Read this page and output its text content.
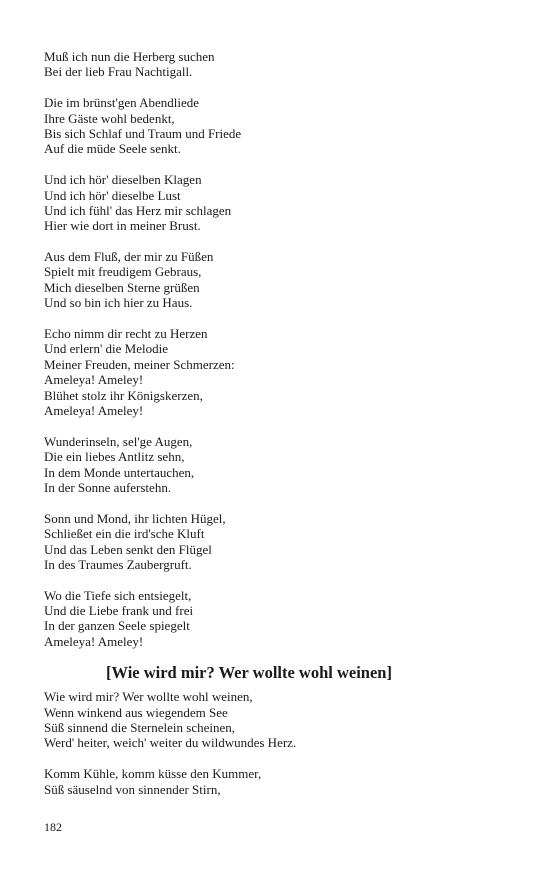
Muß ich nun die Herberg suchen
Bei der lieb Frau Nachtigall.
Die im brünst'gen Abendliede
Ihre Gäste wohl bedenkt,
Bis sich Schlaf und Traum und Friede
Auf die müde Seele senkt.
Und ich hör' dieselben Klagen
Und ich hör' dieselbe Lust
Und ich fühl' das Herz mir schlagen
Hier wie dort in meiner Brust.
Aus dem Fluß, der mir zu Füßen
Spielt mit freudigem Gebraus,
Mich dieselben Sterne grüßen
Und so bin ich hier zu Haus.
Echo nimm dir recht zu Herzen
Und erlern' die Melodie
Meiner Freuden, meiner Schmerzen:
Ameleya! Ameley!
Blühet stolz ihr Königskerzen,
Ameleya! Ameley!
Wunderinseln, sel'ge Augen,
Die ein liebes Antlitz sehn,
In dem Monde untertauchen,
In der Sonne auferstehn.
Sonn und Mond, ihr lichten Hügel,
Schließet ein die ird'sche Kluft
Und das Leben senkt den Flügel
In des Traumes Zaubergruft.
Wo die Tiefe sich entsiegelt,
Und die Liebe frank und frei
In der ganzen Seele spiegelt
Ameleya! Ameley!
[Wie wird mir? Wer wollte wohl weinen]
Wie wird mir? Wer wollte wohl weinen,
Wenn winkend aus wiegendem See
Süß sinnend die Sternelein scheinen,
Werd' heiter, weich' weiter du wildwundes Herz.
Komm Kühle, komm küsse den Kummer,
Süß säuselnd von sinnender Stirn,
182
